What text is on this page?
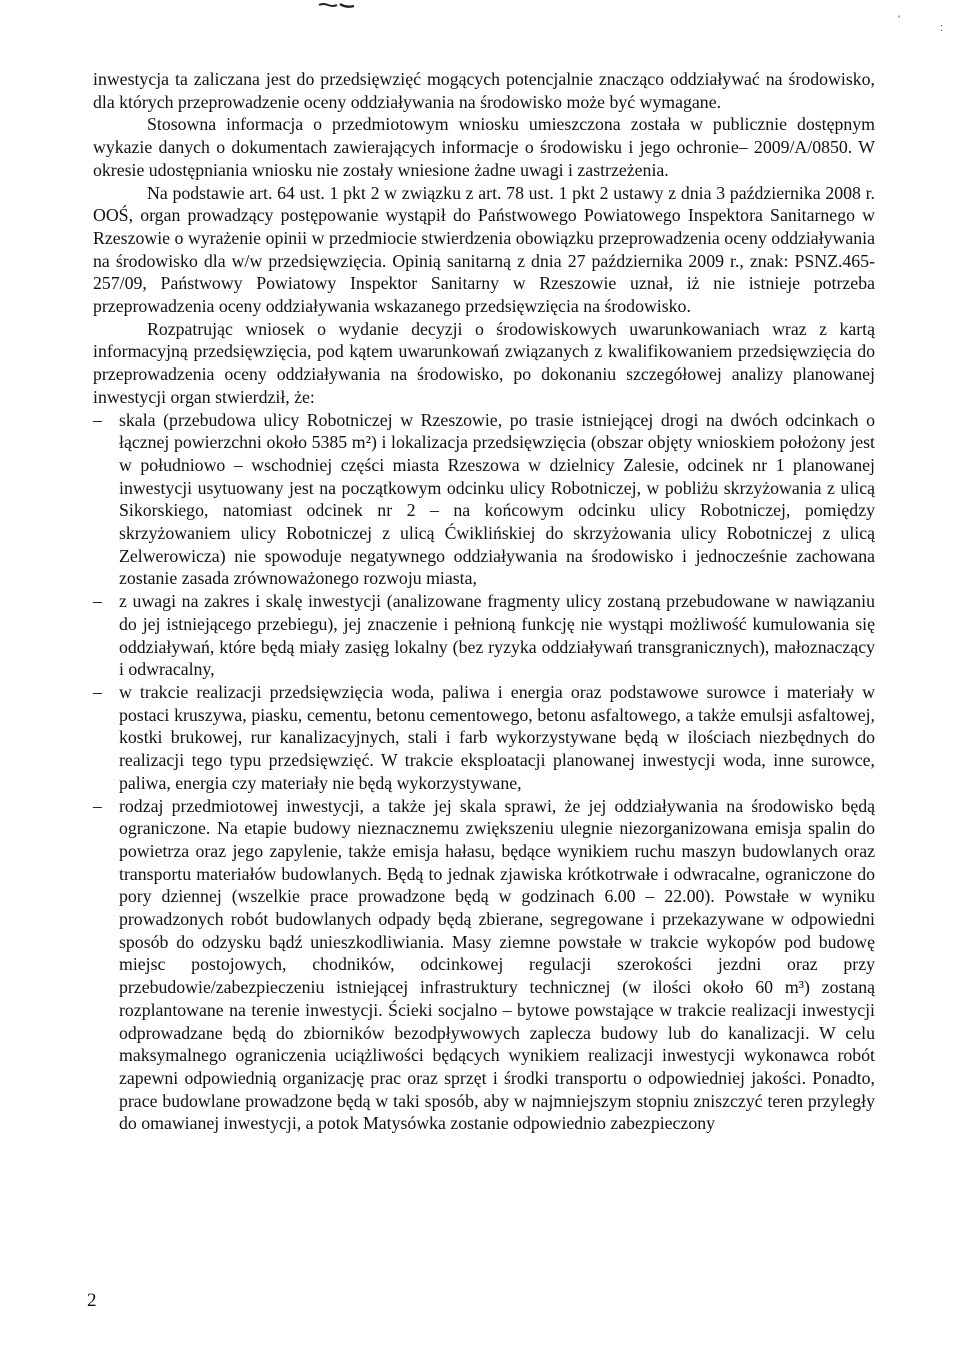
'
:

inwestycja ta zaliczana jest do przedsięwzięć mogących potencjalnie znacząco oddziaływać na środowisko, dla których przeprowadzenie oceny oddziaływania na środowisko może być wymagane.

Stosowna informacja o przedmiotowym wniosku umieszczona została w publicznie dostępnym wykazie danych o dokumentach zawierających informacje o środowisku i jego ochronie– 2009/A/0850. W okresie udostępniania wniosku nie zostały wniesione żadne uwagi i zastrzeżenia.

Na podstawie art. 64 ust. 1 pkt 2 w związku z art. 78 ust. 1 pkt 2 ustawy z dnia 3 października 2008 r. OOŚ, organ prowadzący postępowanie wystąpił do Państwowego Powiatowego Inspektora Sanitarnego w Rzeszowie o wyrażenie opinii w przedmiocie stwierdzenia obowiązku przeprowadzenia oceny oddziaływania na środowisko dla w/w przedsięwzięcia. Opinią sanitarną z dnia 27 października 2009 r., znak: PSNZ.465-257/09, Państwowy Powiatowy Inspektor Sanitarny w Rzeszowie uznał, iż nie istnieje potrzeba przeprowadzenia oceny oddziaływania wskazanego przedsięwzięcia na środowisko.

Rozpatrując wniosek o wydanie decyzji o środowiskowych uwarunkowaniach wraz z kartą informacyjną przedsięwzięcia, pod kątem uwarunkowań związanych z kwalifikowaniem przedsięwzięcia do przeprowadzenia oceny oddziaływania na środowisko, po dokonaniu szczegółowej analizy planowanej inwestycji organ stwierdził, że:

– skala (przebudowa ulicy Robotniczej w Rzeszowie, po trasie istniejącej drogi na dwóch odcinkach o łącznej powierzchni około 5385 m²) i lokalizacja przedsięwzięcia (obszar objęty wnioskiem położony jest w południowo – wschodniej części miasta Rzeszowa w dzielnicy Zalesie, odcinek nr 1 planowanej inwestycji usytuowany jest na początkowym odcinku ulicy Robotniczej, w pobliżu skrzyżowania z ulicą Sikorskiego, natomiast odcinek nr 2 – na końcowym odcinku ulicy Robotniczej, pomiędzy skrzyżowaniem ulicy Robotniczej z ulicą Ćwiklińskiej do skrzyżowania ulicy Robotniczej z ulicą Zelwerowicza) nie spowoduje negatywnego oddziaływania na środowisko i jednocześnie zachowana zostanie zasada zrównoważonego rozwoju miasta,
– z uwagi na zakres i skalę inwestycji (analizowane fragmenty ulicy zostaną przebudowane w nawiązaniu do jej istniejącego przebiegu), jej znaczenie i pełnioną funkcję nie wystąpi możliwość kumulowania się oddziaływań, które będą miały zasięg lokalny (bez ryzyka oddziaływań transgranicznych), małoznaczący i odwracalny,
– w trakcie realizacji przedsięwzięcia woda, paliwa i energia oraz podstawowe surowce i materiały w postaci kruszywa, piasku, cementu, betonu cementowego, betonu asfaltowego, a także emulsji asfaltowej, kostki brukowej, rur kanalizacyjnych, stali i farb wykorzystywane będą w ilościach niezbędnych do realizacji tego typu przedsięwzięć. W trakcie eksploatacji planowanej inwestycji woda, inne surowce, paliwa, energia czy materiały nie będą wykorzystywane,
– rodzaj przedmiotowej inwestycji, a także jej skala sprawi, że jej oddziaływania na środowisko będą ograniczone. Na etapie budowy nieznacznemu zwiększeniu ulegnie niezorganizowana emisja spalin do powietrza oraz jego zapylenie, także emisja hałasu, będące wynikiem ruchu maszyn budowlanych oraz transportu materiałów budowlanych. Będą to jednak zjawiska krótkotrwałe i odwracalne, ograniczone do pory dziennej (wszelkie prace prowadzone będą w godzinach 6.00 – 22.00). Powstałe w wyniku prowadzonych robót budowlanych odpady będą zbierane, segregowane i przekazywane w odpowiedni sposób do odzysku bądź unieszkodliwiania. Masy ziemne powstałe w trakcie wykopów pod budowę miejsc postojowych, chodników, odcinkowej regulacji szerokości jezdni oraz przy przebudowie/zabezpieczeniu istniejącej infrastruktury technicznej (w ilości około 60 m³) zostaną rozplantowane na terenie inwestycji. Ścieki socjalno – bytowe powstające w trakcie realizacji inwestycji odprowadzane będą do zbiorników bezodpływowych zaplecza budowy lub do kanalizacji. W celu maksymalnego ograniczenia uciążliwości będących wynikiem realizacji inwestycji wykonawca robót zapewni odpowiednią organizację prac oraz sprzęt i środki transportu o odpowiedniej jakości. Ponadto, prace budowlane prowadzone będą w taki sposób, aby w najmniejszym stopniu zniszczyć teren przyległy do omawianej inwestycji, a potok Matysówka zostanie odpowiednio zabezpieczony
2
